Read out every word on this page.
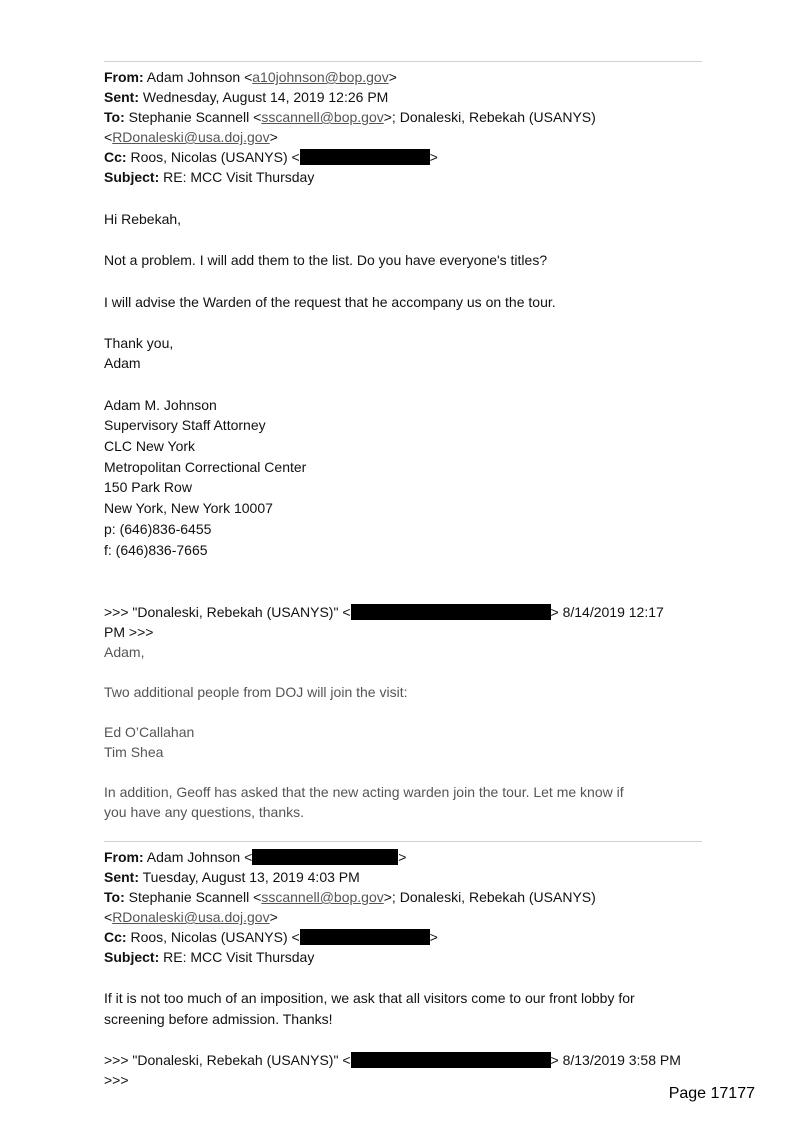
From: Adam Johnson <a10johnson@bop.gov>
Sent: Wednesday, August 14, 2019 12:26 PM
To: Stephanie Scannell <sscannell@bop.gov>; Donaleski, Rebekah (USANYS)
<RDonaleski@usa.doj.gov>
Cc: Roos, Nicolas (USANYS) <	>
Subject: RE: MCC Visit Thursday
Hi Rebekah,
Not a problem. I will add them to the list. Do you have everyone's titles?
I will advise the Warden of the request that he accompany us on the tour.
Thank you,
Adam
Adam M. Johnson
Supervisory Staff Attorney
CLC New York
Metropolitan Correctional Center
150 Park Row
New York, New York 10007
p: (646)836-6455
f: (646)836-7665
>>> "Donaleski, Rebekah (USANYS)" <	> 8/14/2019 12:17
PM >>>
Adam,
Two additional people from DOJ will join the visit:
Ed O’Callahan
Tim Shea
In addition, Geoff has asked that the new acting warden join the tour. Let me know if
you have any questions, thanks.
From: Adam Johnson <	>
Sent: Tuesday, August 13, 2019 4:03 PM
To: Stephanie Scannell <sscannell@bop.gov>; Donaleski, Rebekah (USANYS)
<RDonaleski@usa.doj.gov>
Cc: Roos, Nicolas (USANYS) <	>
Subject: RE: MCC Visit Thursday
If it is not too much of an imposition, we ask that all visitors come to our front lobby for
screening before admission. Thanks!
>>> "Donaleski, Rebekah (USANYS)" <	> 8/13/2019 3:58 PM
>>>
Page 17177
